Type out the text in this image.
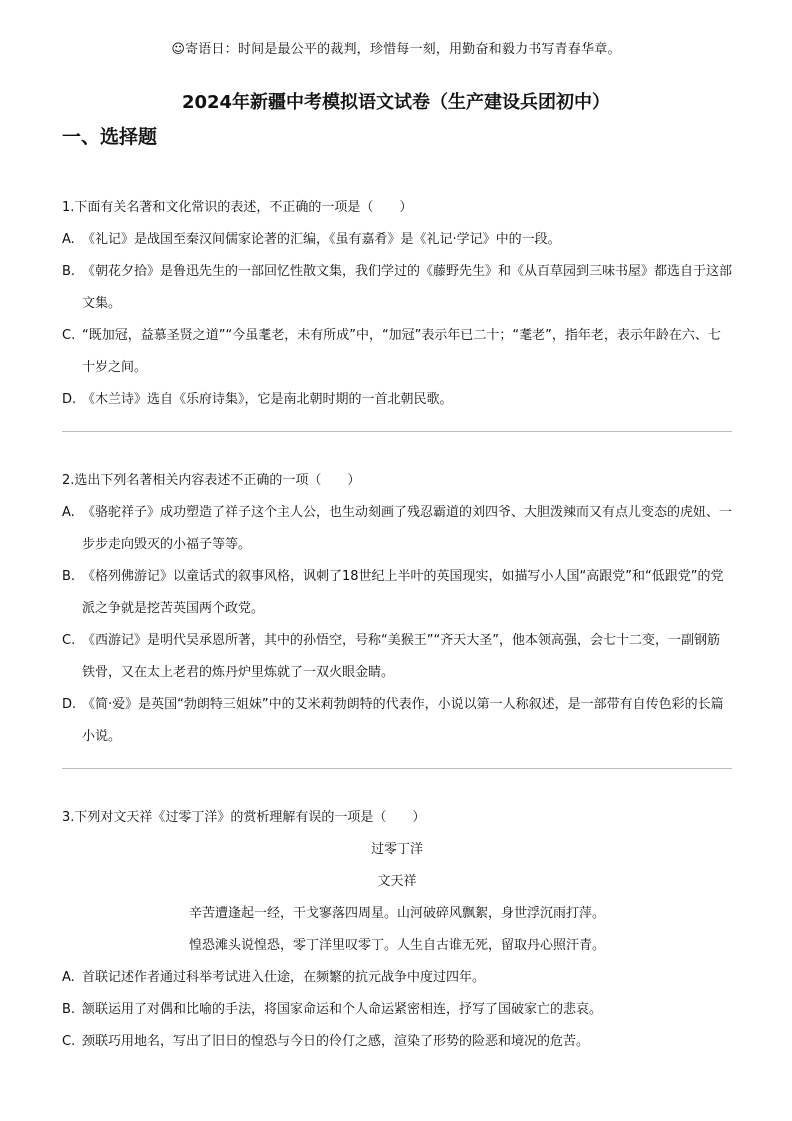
☺寄语日：时间是最公平的裁判，珍惜每一刻，用勤奋和毅力书写青春华章。
2024年新疆中考模拟语文试卷（生产建设兵团初中）
一、选择题

1.下面有关名著和文化常识的表述，不正确的一项是（　　）

A. 《礼记》是战国至秦汉间儒家论著的汇编，《虽有嘉肴》是《礼记·学记》中的一段。

B. 《朝花夕拾》是鲁迅先生的一部回忆性散文集，我们学过的《藤野先生》和《从百草园到三味书屋》都选自于这部文集。

C. “既加冠，益慕圣贤之道”“今虽耄老，未有所成”中，“加冠”表示年已二十；“耄老”，指年老，表示年龄在六、七十岁之间。

D. 《木兰诗》选自《乐府诗集》，它是南北朝时期的一首北朝民歌。

2.选出下列名著相关内容表述不正确的一项（　　）

A. 《骆驼祥子》成功塑造了祥子这个主人公，也生动刻画了残忍霸道的刘四爷、大胆泼辣而又有点儿变态的虎妞、一步步走向毁灭的小福子等等。

B. 《格列佛游记》以童话式的叙事风格，讽刺了18世纪上半叶的英国现实，如描写小人国“高跟党”和“低跟党”的党派之争就是挖苦英国两个政党。

C. 《西游记》是明代吴承恩所著，其中的孙悟空，号称“美猴王”“齐天大圣”，他本领高强，会七十二变，一副钢筋铁骨，又在太上老君的炼丹炉里炼就了一双火眼金睛。

D. 《简·爱》是英国“勃朗特三姐妹”中的艾米莉勃朗特的代表作，小说以第一人称叙述，是一部带有自传色彩的长篇小说。

3.下列对文天祥《过零丁洋》的赏析理解有误的一项是（　　）

过零丁洋

文天祥

辛苦遭逢起一经，干戈寥落四周星。山河破碎风飘絮，身世浮沉雨打萍。

惶恐滩头说惶恐，零丁洋里叹零丁。人生自古谁无死，留取丹心照汗青。

A. 首联记述作者通过科举考试进入仕途，在频繁的抗元战争中度过四年。

B. 颔联运用了对偶和比喻的手法，将国家命运和个人命运紧密相连，抒写了国破家亡的悲哀。

C. 颈联巧用地名，写出了旧日的惶恐与今日的伶仃之感，渲染了形势的险恶和境况的危苦。
